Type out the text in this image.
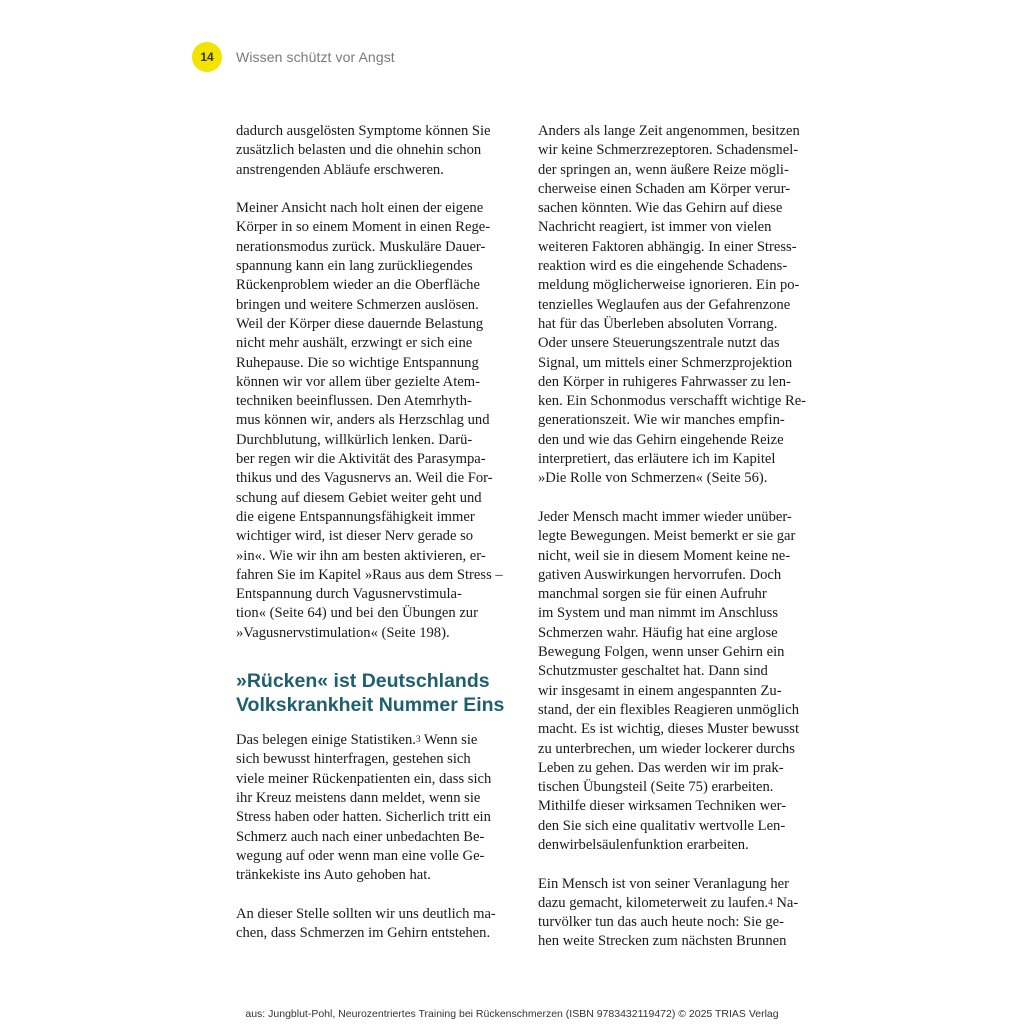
14 Wissen schützt vor Angst

dadurch ausgelösten Symptome können Sie
zusätzlich belasten und die ohnehin schon
anstrengenden Abläufe erschweren.

Meiner Ansicht nach holt einen der eigene
Körper in so einem Moment in einen Rege-
nerationsmodus zurück. Muskuläre Dauer-
spannung kann ein lang zurückliegendes
Rückenproblem wieder an die Oberfläche
bringen und weitere Schmerzen auslösen.
Weil der Körper diese dauernde Belastung
nicht mehr aushält, erzwingt er sich eine
Ruhepause. Die so wichtige Entspannung
können wir vor allem über gezielte Atem-
techniken beeinflussen. Den Atemrhyth-
mus können wir, anders als Herzschlag und
Durchblutung, willkürlich lenken. Darü-
ber regen wir die Aktivität des Parasympa-
thikus und des Vagusnervs an. Weil die For-
schung auf diesem Gebiet weiter geht und
die eigene Entspannungsfähigkeit immer
wichtiger wird, ist dieser Nerv gerade so
»in«. Wie wir ihn am besten aktivieren, er-
fahren Sie im Kapitel »Raus aus dem Stress –
Entspannung durch Vagusnervstimula-
tion« (Seite 64) und bei den Übungen zur
»Vagusnervstimulation« (Seite 198).

»Rücken« ist Deutschlands
Volkskrankheit Nummer Eins

Das belegen einige Statistiken.$^3$ Wenn sie
sich bewusst hinterfragen, gestehen sich
viele meiner Rückenpatienten ein, dass sich
ihr Kreuz meistens dann meldet, wenn sie
Stress haben oder hatten. Sicherlich tritt ein
Schmerz auch nach einer unbedachten Be-
wegung auf oder wenn man eine volle Ge-
tränkekiste ins Auto gehoben hat.

An dieser Stelle sollten wir uns deutlich ma-
chen, dass Schmerzen im Gehirn entstehen.

Anders als lange Zeit angenommen, besitzen
wir keine Schmerzrezeptoren. Schadensmel-
der springen an, wenn äußere Reize mögli-
cherweise einen Schaden am Körper verur-
sachen könnten. Wie das Gehirn auf diese
Nachricht reagiert, ist immer von vielen
weiteren Faktoren abhängig. In einer Stress-
reaktion wird es die eingehende Schadens-
meldung möglicherweise ignorieren. Ein po-
tenzielles Weglaufen aus der Gefahrenzone
hat für das Überleben absoluten Vorrang.
Oder unsere Steuerungszentrale nutzt das
Signal, um mittels einer Schmerzprojektion
den Körper in ruhigeres Fahrwasser zu len-
ken. Ein Schonmodus verschafft wichtige Re-
generationszeit. Wie wir manches empfin-
den und wie das Gehirn eingehende Reize
interpretiert, das erläutere ich im Kapitel
»Die Rolle von Schmerzen« (Seite 56).

Jeder Mensch macht immer wieder unüber-
legte Bewegungen. Meist bemerkt er sie gar
nicht, weil sie in diesem Moment keine ne-
gativen Auswirkungen hervorrufen. Doch
manchmal sorgen sie für einen Aufruhr
im System und man nimmt im Anschluss
Schmerzen wahr. Häufig hat eine arglose
Bewegung Folgen, wenn unser Gehirn ein
Schutzmuster geschaltet hat. Dann sind
wir insgesamt in einem angespannten Zu-
stand, der ein flexibles Reagieren unmöglich
macht. Es ist wichtig, dieses Muster bewusst
zu unterbrechen, um wieder lockerer durchs
Leben zu gehen. Das werden wir im prak-
tischen Übungsteil (Seite 75) erarbeiten.
Mithilfe dieser wirksamen Techniken wer-
den Sie sich eine qualitativ wertvolle Len-
denwirbelsäulenfunktion erarbeiten.

Ein Mensch ist von seiner Veranlagung her
dazu gemacht, kilometerweit zu laufen.$^4$ Na-
turvölker tun das auch heute noch: Sie ge-
hen weite Strecken zum nächsten Brunnen

aus: Jungblut-Pohl, Neurozentriertes Training bei Rückenschmerzen (ISBN 9783432119472) © 2025 TRIAS Verlag
